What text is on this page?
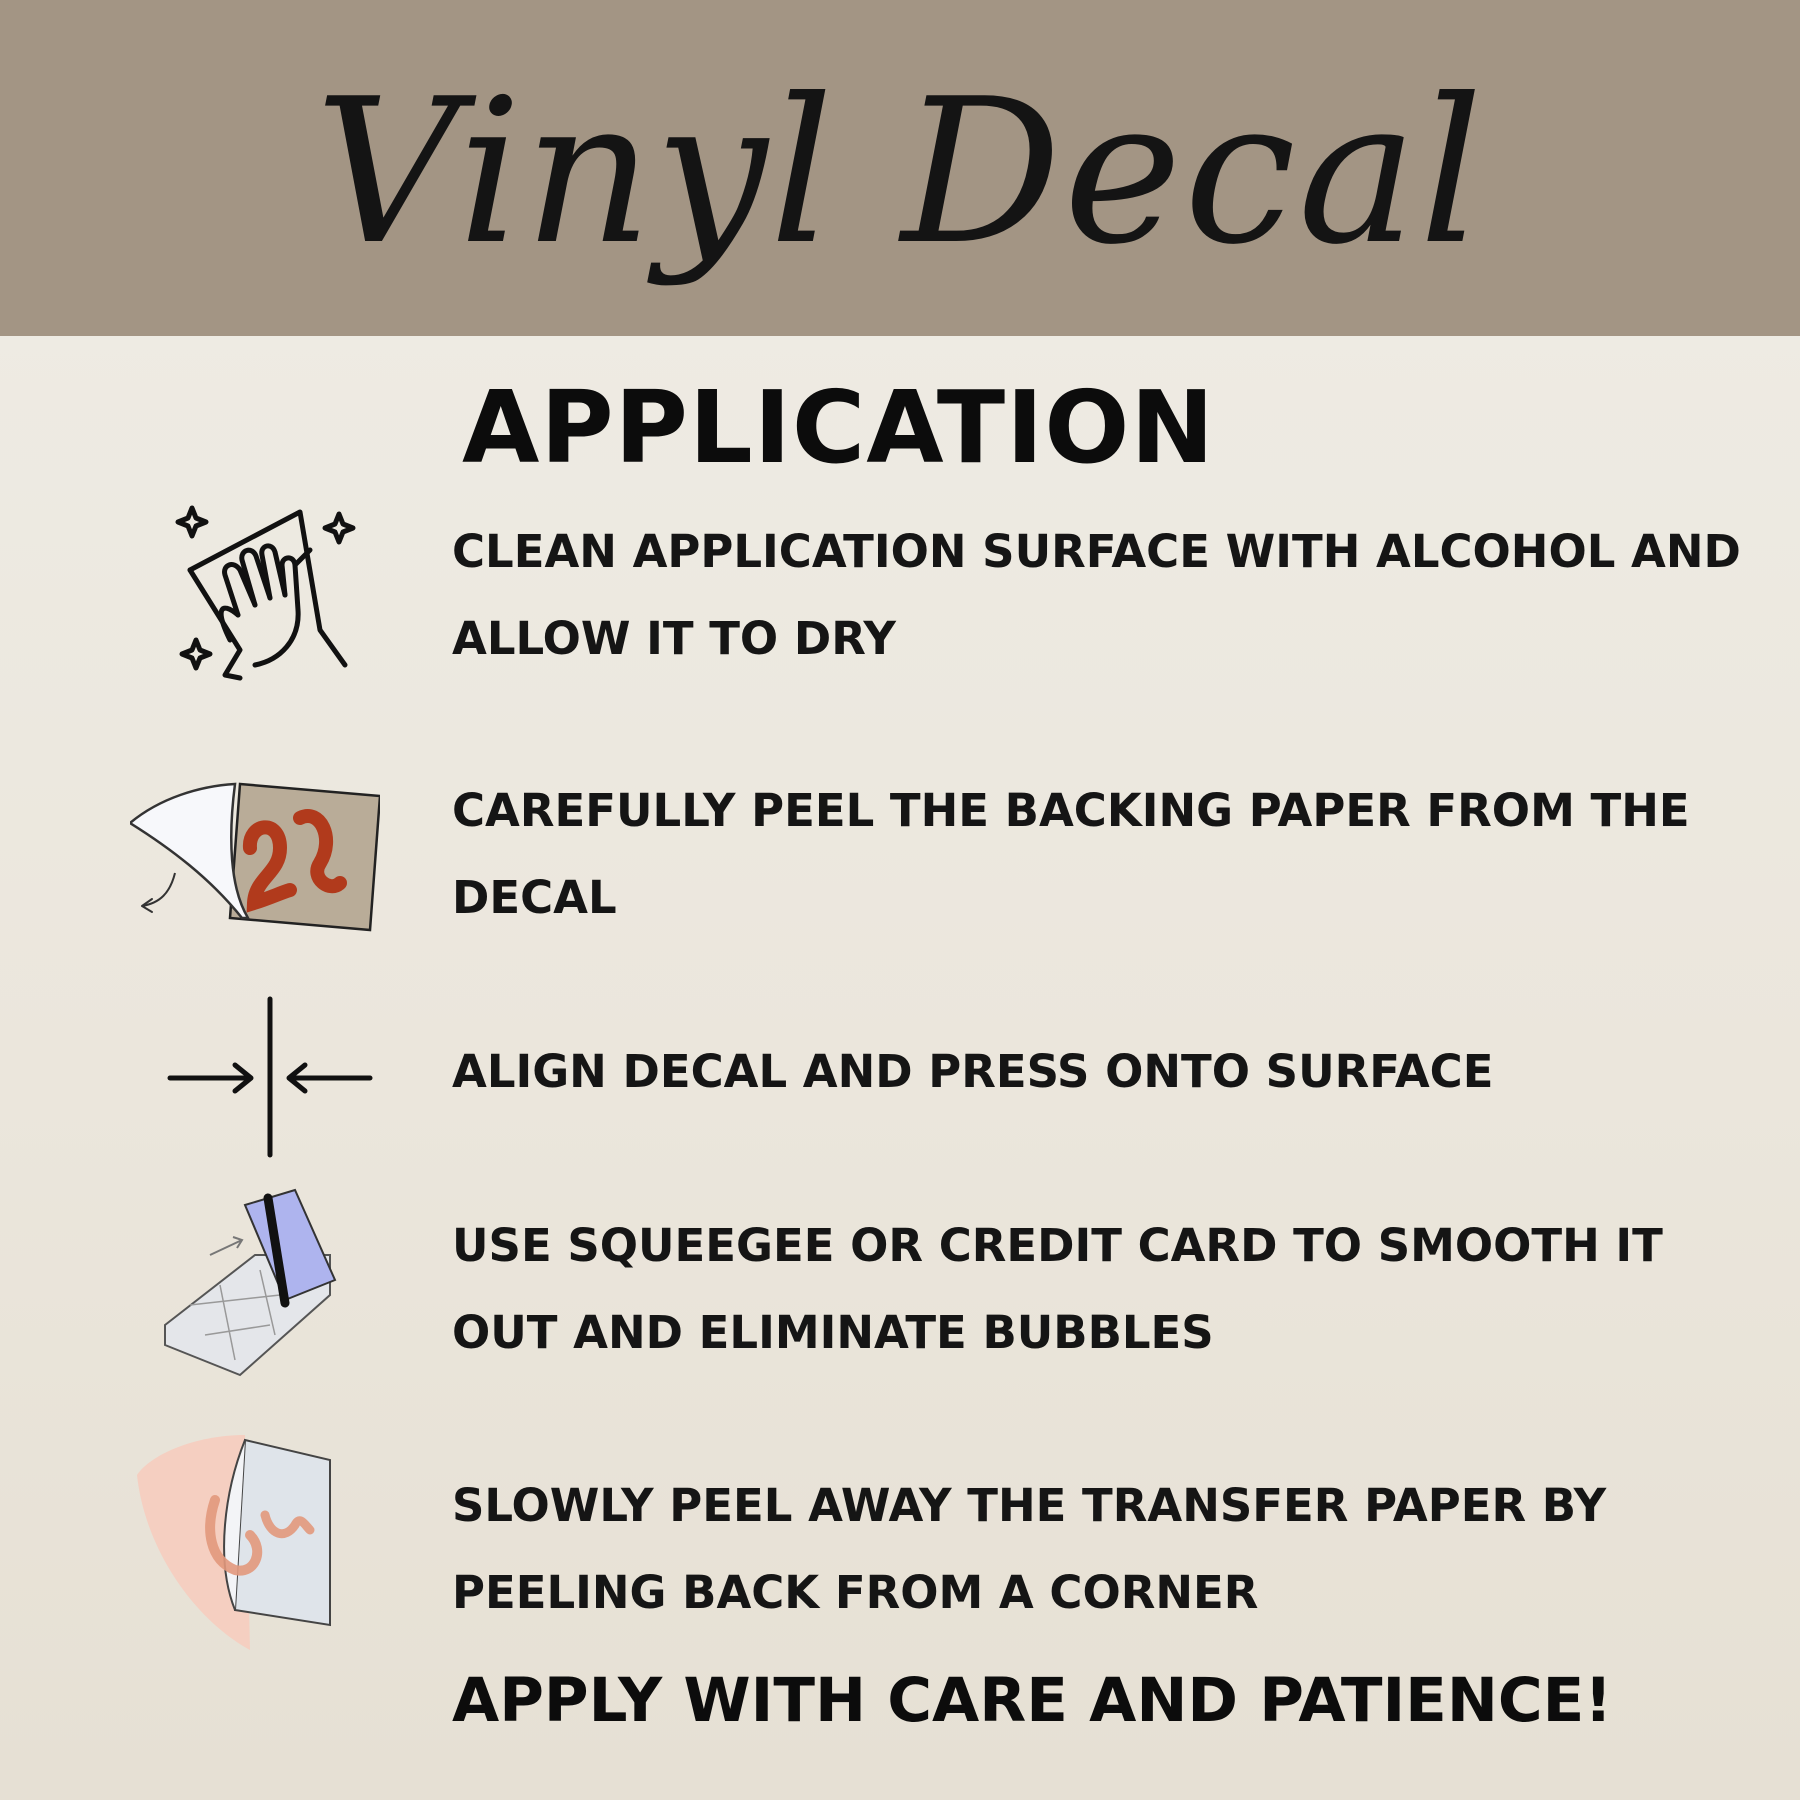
Vinyl Decal
APPLICATION
CLEAN APPLICATION SURFACE WITH ALCOHOL AND ALLOW IT TO DRY
CAREFULLY PEEL THE BACKING PAPER FROM THE DECAL
ALIGN DECAL AND PRESS ONTO SURFACE
USE SQUEEGEE OR CREDIT CARD TO SMOOTH IT OUT AND ELIMINATE BUBBLES
SLOWLY PEEL AWAY THE TRANSFER PAPER BY PEELING BACK FROM A CORNER
APPLY WITH CARE AND PATIENCE!
